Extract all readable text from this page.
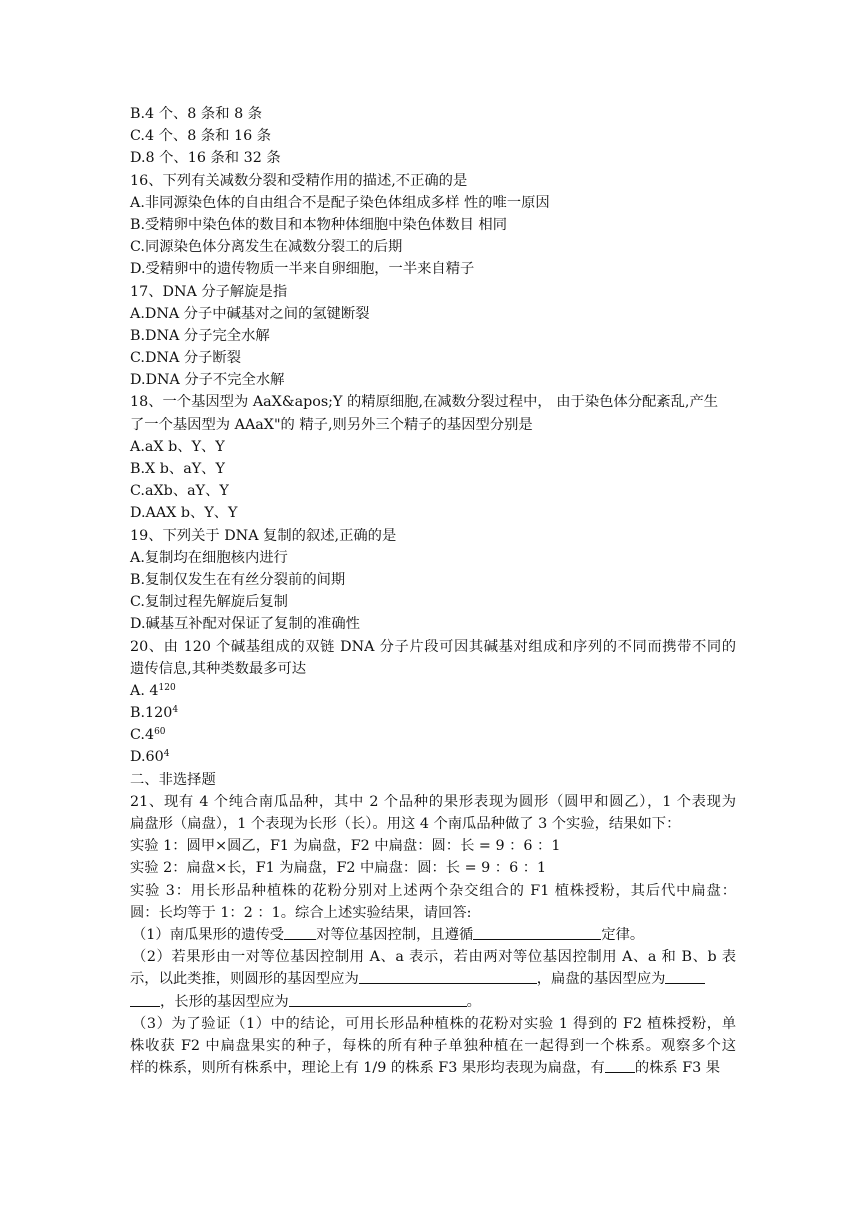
B.4 个、8 条和 8 条
C.4 个、8 条和 16 条
D.8 个、16 条和 32 条
16、下列有关减数分裂和受精作用的描述,不正确的是
A.非同源染色体的自由组合不是配子染色体组成多样 性的唯一原因
B.受精卵中染色体的数目和本物种体细胞中染色体数目 相同
C.同源染色体分离发生在减数分裂工的后期
D.受精卵中的遗传物质一半来自卵细胞，一半来自精子
17、DNA 分子解旋是指
A.DNA 分子中碱基对之间的氢键断裂
B.DNA 分子完全水解
C.DNA 分子断裂
D.DNA 分子不完全水解
18、一个基因型为 AaX&apos;Y 的精原细胞,在减数分裂过程中， 由于染色体分配紊乱,产生
了一个基因型为 AAaX"的 精子,则另外三个精子的基因型分别是
A.aX b、Y、Y
B.X b、aY、Y
C.aXb、aY、Y
D.AAX b、Y、Y
19、下列关于 DNA 复制的叙述,正确的是
A.复制均在细胞核内进行
B.复制仅发生在有丝分裂前的间期
C.复制过程先解旋后复制
D.碱基互补配对保证了复制的准确性
20、由 120 个碱基组成的双链 DNA 分子片段可因其碱基对组成和序列的不同而携带不同的
遗传信息,其种类数最多可达
A. $4^{120}$
B.120$^4$
$C.4^{60}$
$D.60^4$
二、非选择题
21、现有 4 个纯合南瓜品种，其中 2 个品种的果形表现为圆形（圆甲和圆乙），1 个表现为
扁盘形（扁盘），1 个表现为长形（长）。用这 4 个南瓜品种做了 3 个实验，结果如下：
实验 1：圆甲×圆乙，F1 为扁盘，F2 中扁盘：圆：长 = 9 ：6 ：1
实验 2：扁盘×长，F1 为扁盘，F2 中扁盘：圆：长 = 9 ：6 ：1
实验 3：用长形品种植株的花粉分别对上述两个杂交组合的 F1 植株授粉，其后代中扁盘：
圆：长均等于 1：2 ：1。综合上述实验结果，请回答:
（1）南瓜果形的遗传受 对等位基因控制，且遵循	定律。
（2）若果形由一对等位基因控制用 A、a 表示，若由两对等位基因控制用 A、a 和 B、b 表
示，以此类推，则圆形的基因型应为	，扁盘的基因型应为
，长形的基因型应为	。
（3）为了验证（1）中的结论，可用长形品种植株的花粉对实验 1 得到的 F2 植株授粉，单
株收获 F2 中扁盘果实的种子，每株的所有种子单独种植在一起得到一个株系。观察多个这
样的株系，则所有株系中，理论上有 1/9 的株系 F3 果形均表现为扁盘，有 的株系 F3 果
